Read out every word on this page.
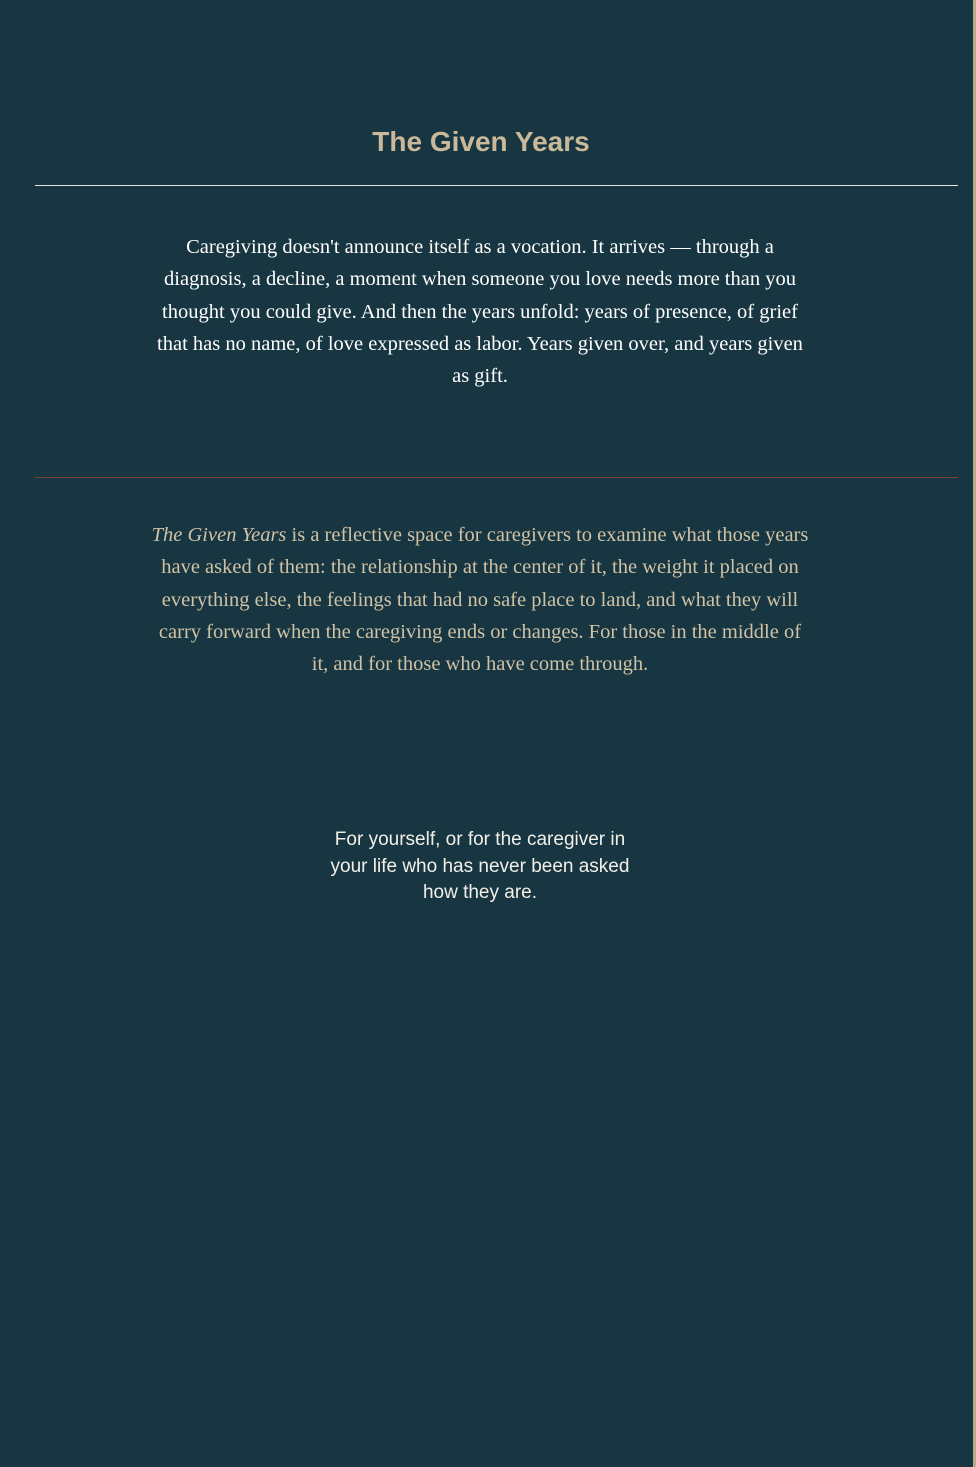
The Given Years

Caregiving doesn't announce itself as a vocation. It arrives — through a diagnosis, a decline, a moment when someone you love needs more than you thought you could give. And then the years unfold: years of presence, of grief that has no name, of love expressed as labor. Years given over, and years given as gift.

The Given Years is a reflective space for caregivers to examine what those years have asked of them: the relationship at the center of it, the weight it placed on everything else, the feelings that had no safe place to land, and what they will carry forward when the caregiving ends or changes. For those in the middle of it, and for those who have come through.

For yourself, or for the caregiver in your life who has never been asked how they are.
